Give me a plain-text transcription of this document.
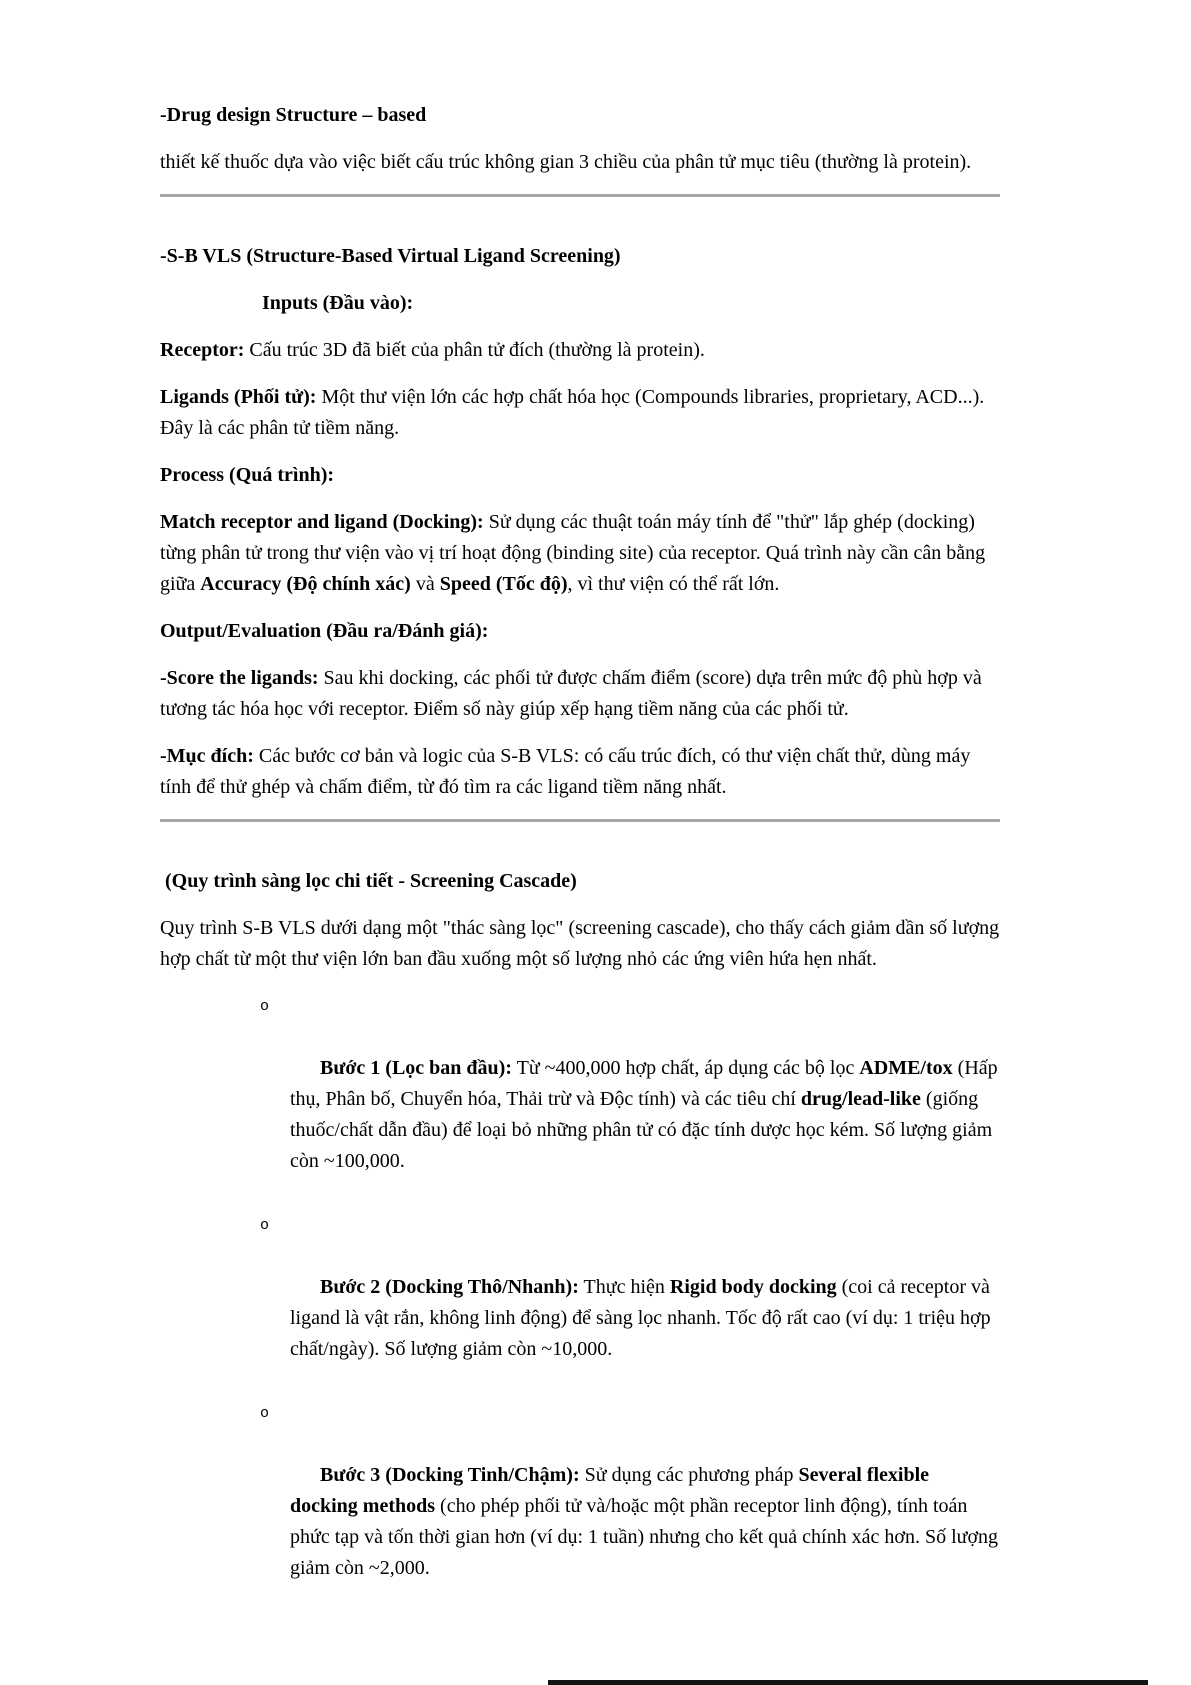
-Drug design Structure – based

thiết kế thuốc dựa vào việc biết cấu trúc không gian 3 chiều của phân tử mục tiêu (thường là protein).

-S-B VLS (Structure-Based Virtual Ligand Screening)

Inputs (Đầu vào):

Receptor: Cấu trúc 3D đã biết của phân tử đích (thường là protein).

Ligands (Phối tử): Một thư viện lớn các hợp chất hóa học (Compounds libraries, proprietary, ACD...). Đây là các phân tử tiềm năng.

Process (Quá trình):

Match receptor and ligand (Docking): Sử dụng các thuật toán máy tính để "thử" lắp ghép (docking) từng phân tử trong thư viện vào vị trí hoạt động (binding site) của receptor. Quá trình này cần cân bằng giữa Accuracy (Độ chính xác) và Speed (Tốc độ), vì thư viện có thể rất lớn.

Output/Evaluation (Đầu ra/Đánh giá):

-Score the ligands: Sau khi docking, các phối tử được chấm điểm (score) dựa trên mức độ phù hợp và tương tác hóa học với receptor. Điểm số này giúp xếp hạng tiềm năng của các phối tử.

-Mục đích: Các bước cơ bản và logic của S-B VLS: có cấu trúc đích, có thư viện chất thử, dùng máy tính để thử ghép và chấm điểm, từ đó tìm ra các ligand tiềm năng nhất.

(Quy trình sàng lọc chi tiết - Screening Cascade)

Quy trình S-B VLS dưới dạng một "thác sàng lọc" (screening cascade), cho thấy cách giảm dần số lượng hợp chất từ một thư viện lớn ban đầu xuống một số lượng nhỏ các ứng viên hứa hẹn nhất.

o

Bước 1 (Lọc ban đầu): Từ ~400,000 hợp chất, áp dụng các bộ lọc ADME/tox (Hấp thụ, Phân bố, Chuyển hóa, Thải trừ và Độc tính) và các tiêu chí drug/lead-like (giống thuốc/chất dẫn đầu) để loại bỏ những phân tử có đặc tính dược học kém. Số lượng giảm còn ~100,000.

o

Bước 2 (Docking Thô/Nhanh): Thực hiện Rigid body docking (coi cả receptor và ligand là vật rắn, không linh động) để sàng lọc nhanh. Tốc độ rất cao (ví dụ: 1 triệu hợp chất/ngày). Số lượng giảm còn ~10,000.

o

Bước 3 (Docking Tinh/Chậm): Sử dụng các phương pháp Several flexible docking methods (cho phép phối tử và/hoặc một phần receptor linh động), tính toán phức tạp và tốn thời gian hơn (ví dụ: 1 tuần) nhưng cho kết quả chính xác hơn. Số lượng giảm còn ~2,000.
